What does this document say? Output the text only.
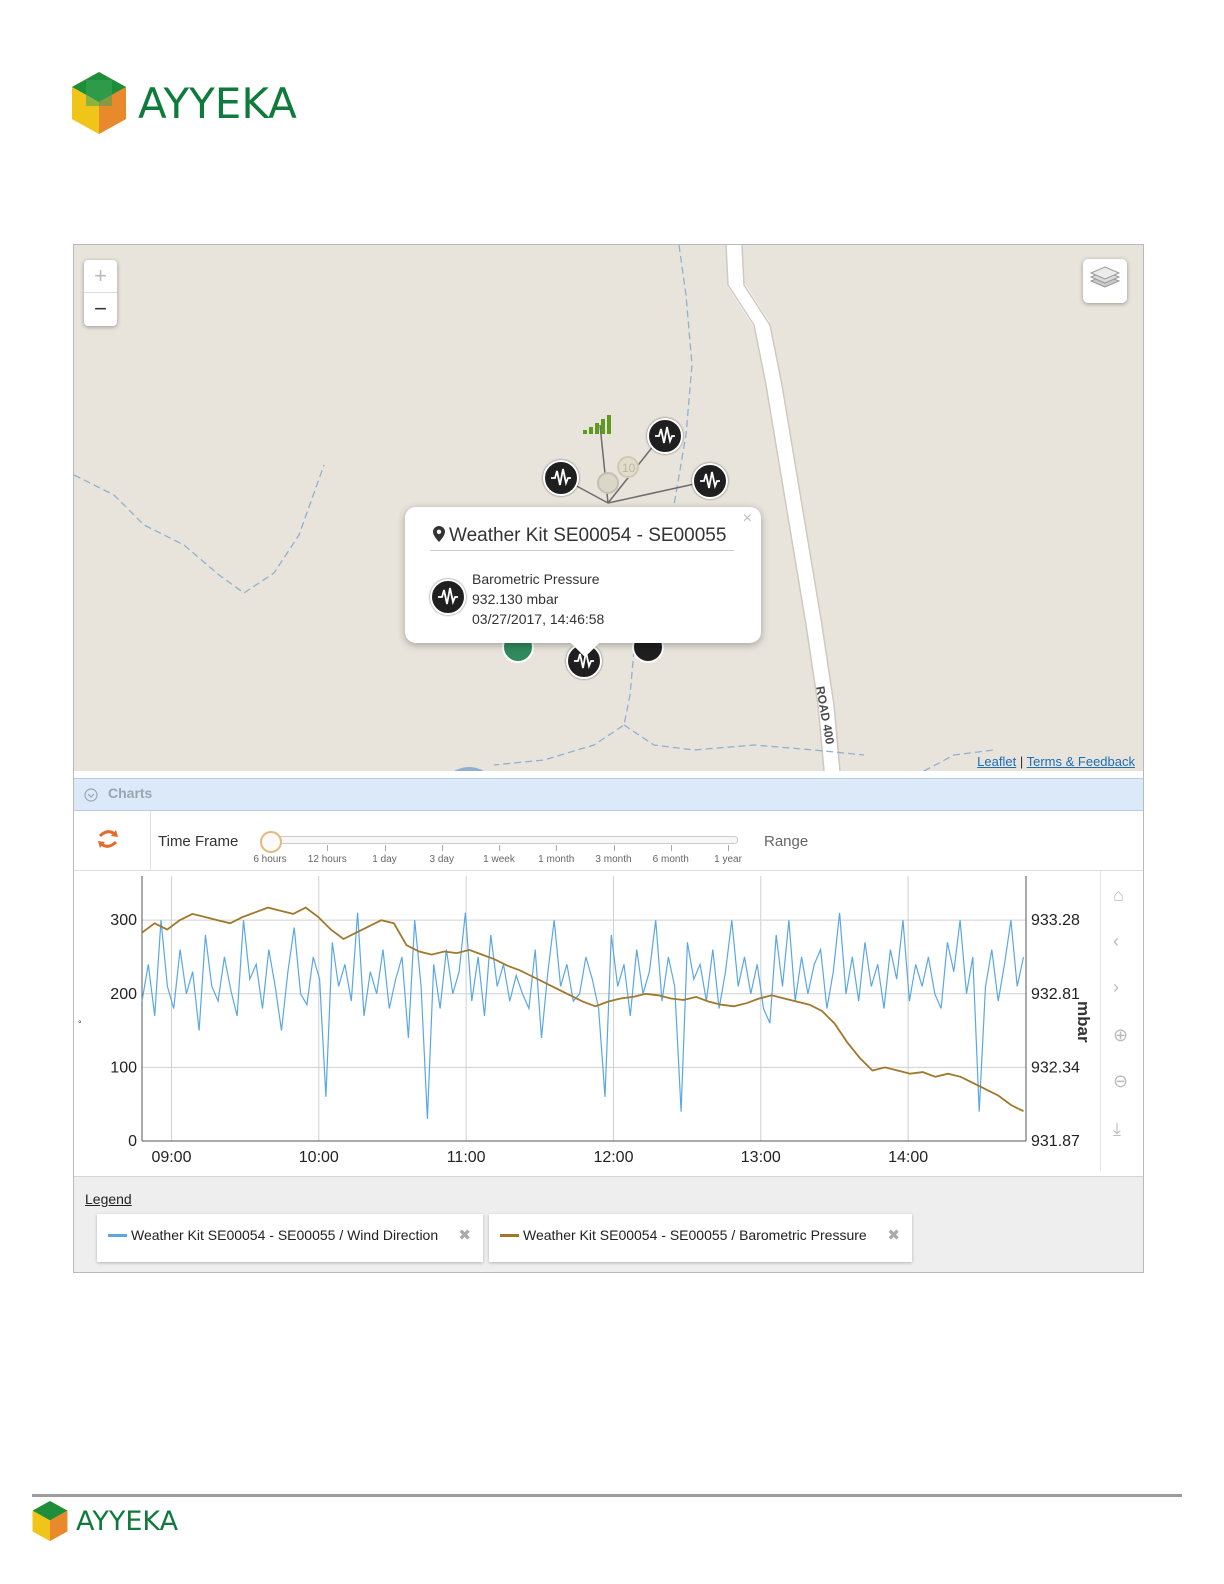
AYYEKA
10
ROAD 400
+
−
×
Weather Kit SE00054 - SE00055
Barometric Pressure
932.130 mbar
03/27/2017, 14:46:58
Leaflet | Terms & Feedback
Charts
Time Frame
6 hours 12 hours	1 day	3 day	1 week 1 month 3 month 6 month	1 year
Range
0
100
200
300
09:00	10:00	11:00	12:00	13:00	14:00
931.87
932.34
932.81
933.28
°	mbar
⌂
‹
›
⊕
⊖
⤓
Legend
Weather Kit SE00054 - SE00055 / Wind Direction ✖	Weather Kit SE00054 - SE00055 / Barometric Pressure ✖
AYYEKA
